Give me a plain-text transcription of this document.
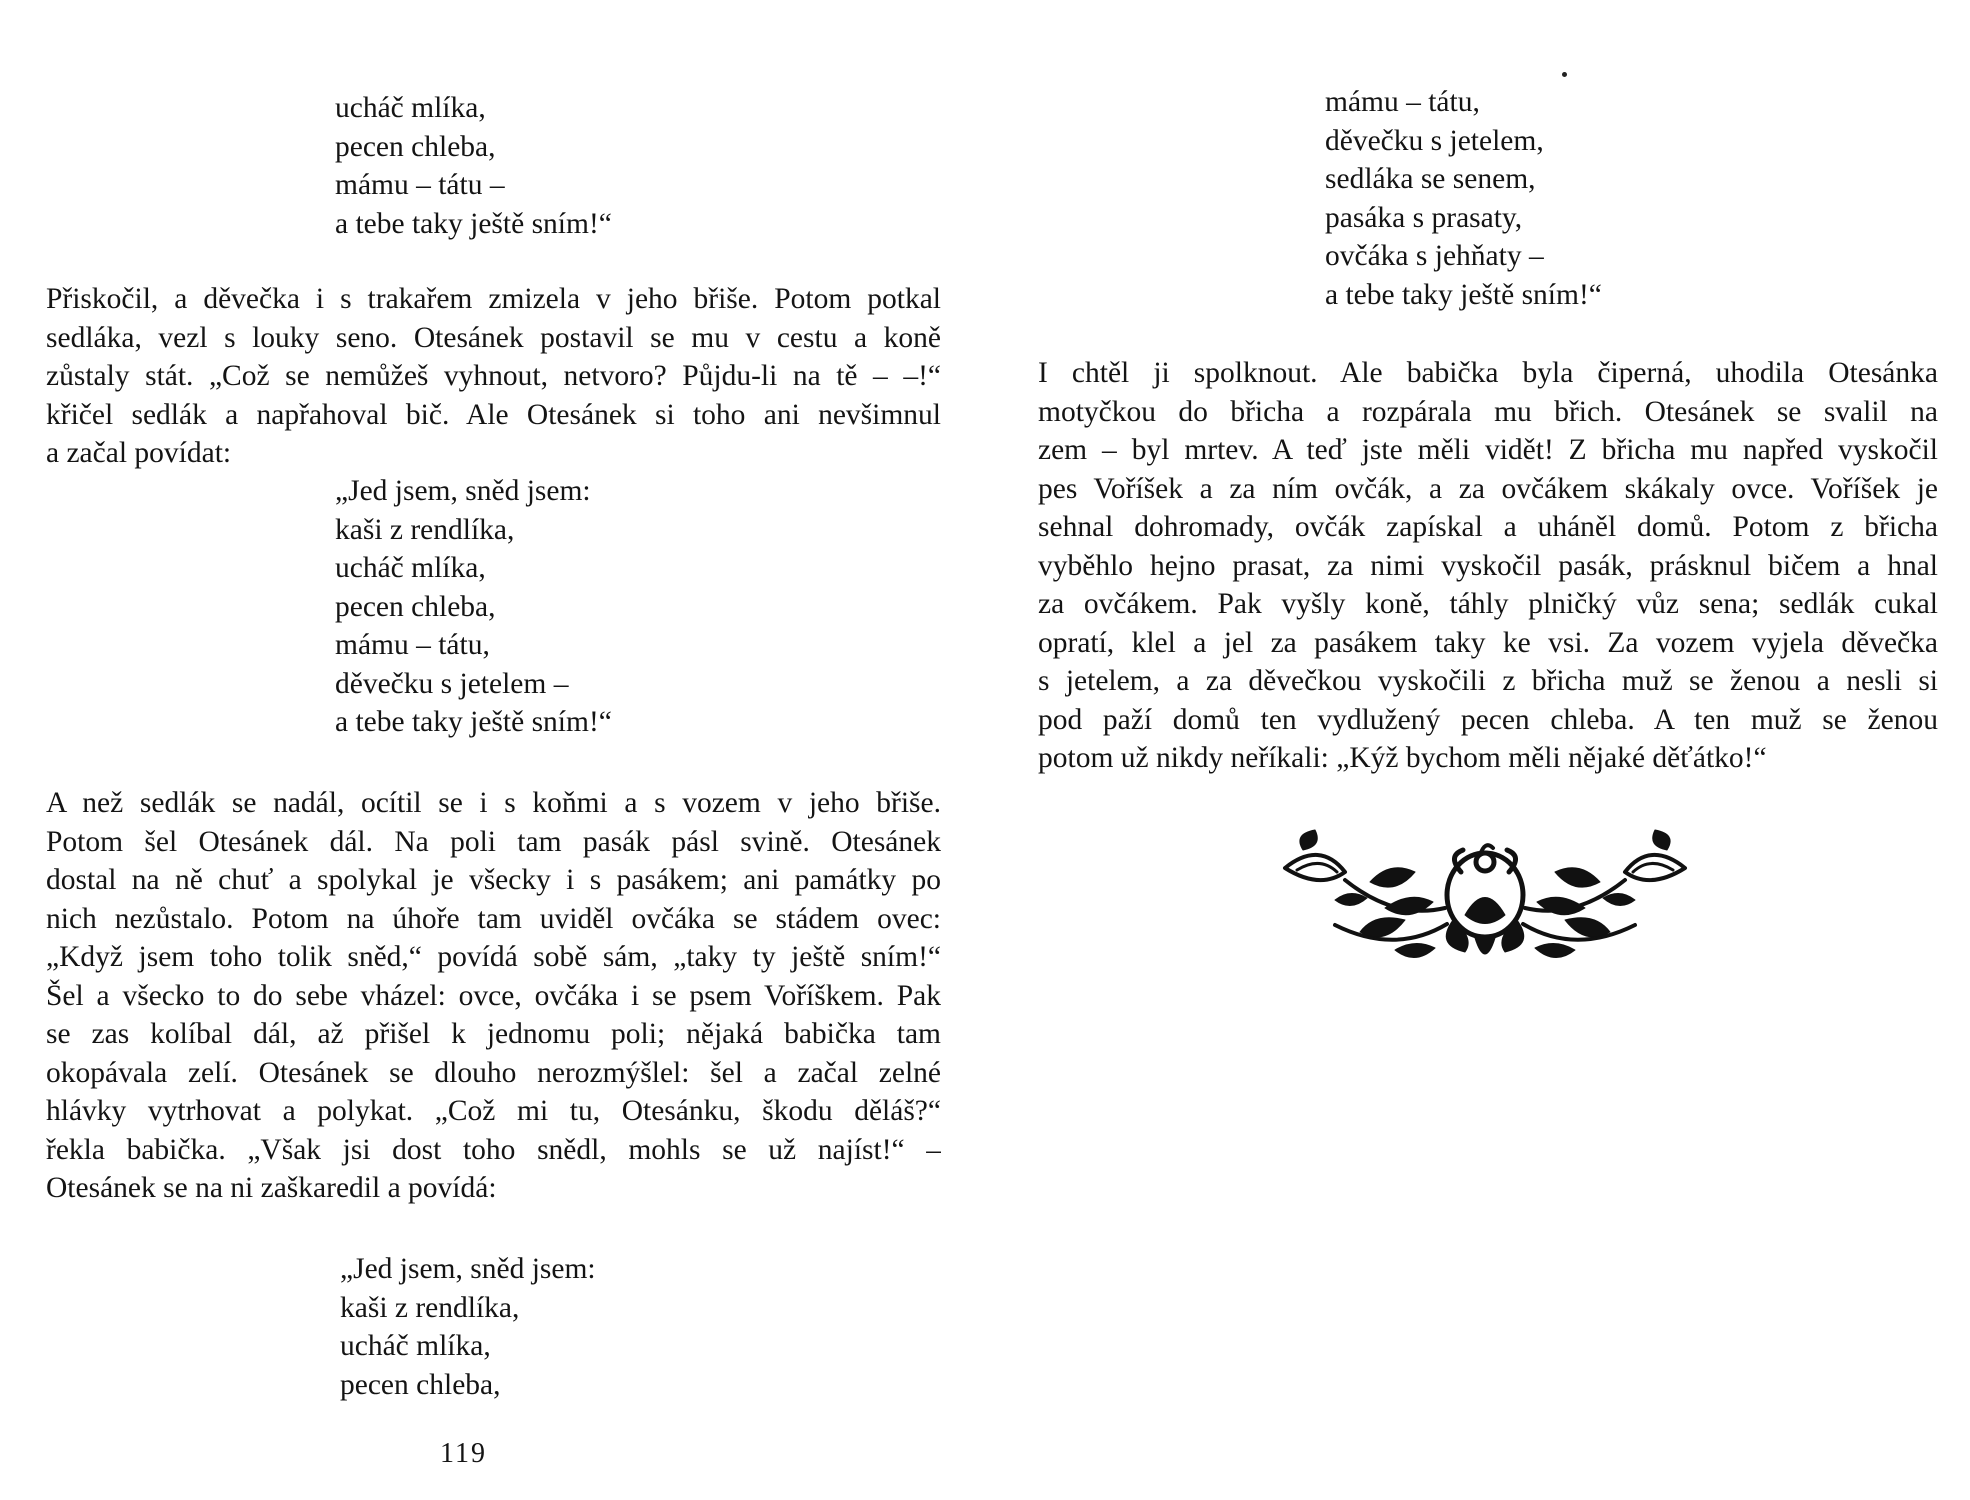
ucháč mlíka,
pecen chleba,
mámu – tátu –
a tebe taky ještě sním!“
Přiskočil, a děvečka i s trakařem zmizela v jeho břiše. Potom potkal
sedláka, vezl s louky seno. Otesánek postavil se mu v cestu a koně
zůstaly stát. „Což se nemůžeš vyhnout, netvoro? Půjdu-li na tě – –!“
křičel sedlák a napřahoval bič. Ale Otesánek si toho ani nevšimnul
a začal povídat:
„Jed jsem, sněd jsem:
kaši z rendlíka,
ucháč mlíka,
pecen chleba,
mámu – tátu,
děvečku s jetelem –
a tebe taky ještě sním!“
A než sedlák se nadál, ocítil se i s koňmi a s vozem v jeho břiše.
Potom šel Otesánek dál. Na poli tam pasák pásl svině. Otesánek
dostal na ně chuť a spolykal je všecky i s pasákem; ani památky po
nich nezůstalo. Potom na úhoře tam uviděl ovčáka se stádem ovec:
„Když jsem toho tolik sněd,“ povídá sobě sám, „taky ty ještě sním!“
Šel a všecko to do sebe vházel: ovce, ovčáka i se psem Voříškem. Pak
se zas kolíbal dál, až přišel k jednomu poli; nějaká babička tam
okopávala zelí. Otesánek se dlouho nerozmýšlel: šel a začal zelné
hlávky vytrhovat a polykat. „Což mi tu, Otesánku, škodu děláš?“
řekla babička. „Však jsi dost toho snědl, mohls se už najíst!“ –
Otesánek se na ni zaškaredil a povídá:
„Jed jsem, sněd jsem:
kaši z rendlíka,
ucháč mlíka,
pecen chleba,
119
mámu – tátu,
děvečku s jetelem,
sedláka se senem,
pasáka s prasaty,
ovčáka s jehňaty –
a tebe taky ještě sním!“
I chtěl ji spolknout. Ale babička byla čiperná, uhodila Otesánka
motyčkou do břicha a rozpárala mu břich. Otesánek se svalil na
zem – byl mrtev. A teď jste měli vidět! Z břicha mu napřed vyskočil
pes Voříšek a za ním ovčák, a za ovčákem skákaly ovce. Voříšek je
sehnal dohromady, ovčák zapískal a uháněl domů. Potom z břicha
vyběhlo hejno prasat, za nimi vyskočil pasák, prásknul bičem a hnal
za ovčákem. Pak vyšly koně, táhly plničký vůz sena; sedlák cukal
opratí, klel a jel za pasákem taky ke vsi. Za vozem vyjela děvečka
s jetelem, a za děvečkou vyskočili z břicha muž se ženou a nesli si
pod paží domů ten vydlužený pecen chleba. A ten muž se ženou
potom už nikdy neříkali: „Kýž bychom měli nějaké děťátko!“
